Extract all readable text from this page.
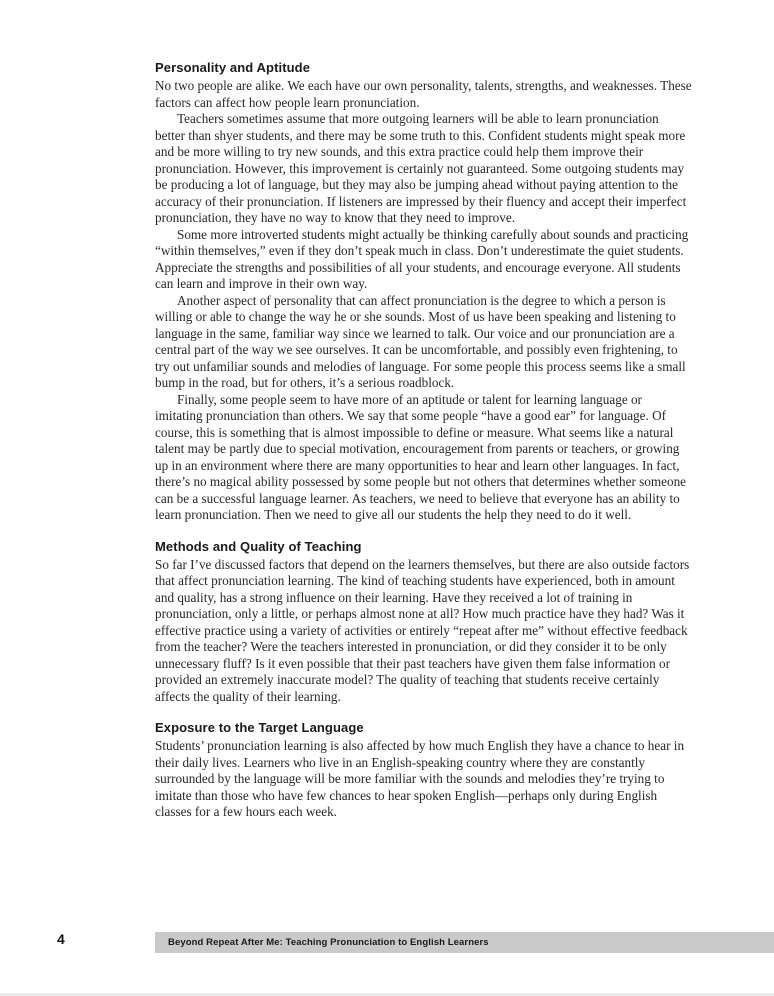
Personality and Aptitude

No two people are alike. We each have our own personality, talents, strengths, and weaknesses. These factors can affect how people learn pronunciation.

Teachers sometimes assume that more outgoing learners will be able to learn pronunciation better than shyer students, and there may be some truth to this. Confident students might speak more and be more willing to try new sounds, and this extra practice could help them improve their pronunciation. However, this improvement is certainly not guaranteed. Some outgoing students may be producing a lot of language, but they may also be jumping ahead without paying attention to the accuracy of their pronunciation. If listeners are impressed by their fluency and accept their imperfect pronunciation, they have no way to know that they need to improve.

Some more introverted students might actually be thinking carefully about sounds and practicing “within themselves,” even if they don’t speak much in class. Don’t underestimate the quiet students. Appreciate the strengths and possibilities of all your students, and encourage everyone. All students can learn and improve in their own way.

Another aspect of personality that can affect pronunciation is the degree to which a person is willing or able to change the way he or she sounds. Most of us have been speaking and listening to language in the same, familiar way since we learned to talk. Our voice and our pronunciation are a central part of the way we see ourselves. It can be uncomfortable, and possibly even frightening, to try out unfamiliar sounds and melodies of language. For some people this process seems like a small bump in the road, but for others, it’s a serious roadblock.

Finally, some people seem to have more of an aptitude or talent for learning language or imitating pronunciation than others. We say that some people “have a good ear” for language. Of course, this is something that is almost impossible to define or measure. What seems like a natural talent may be partly due to special motivation, encouragement from parents or teachers, or growing up in an environment where there are many opportunities to hear and learn other languages. In fact, there’s no magical ability possessed by some people but not others that determines whether someone can be a successful language learner. As teachers, we need to believe that everyone has an ability to learn pronunciation. Then we need to give all our students the help they need to do it well.

Methods and Quality of Teaching

So far I’ve discussed factors that depend on the learners themselves, but there are also outside factors that affect pronunciation learning. The kind of teaching students have experienced, both in amount and quality, has a strong influence on their learning. Have they received a lot of training in pronunciation, only a little, or perhaps almost none at all? How much practice have they had? Was it effective practice using a variety of activities or entirely “repeat after me” without effective feedback from the teacher? Were the teachers interested in pronunciation, or did they consider it to be only unnecessary fluff? Is it even possible that their past teachers have given them false information or provided an extremely inaccurate model? The quality of teaching that students receive certainly affects the quality of their learning.

Exposure to the Target Language

Students’ pronunciation learning is also affected by how much English they have a chance to hear in their daily lives. Learners who live in an English-speaking country where they are constantly surrounded by the language will be more familiar with the sounds and melodies they’re trying to imitate than those who have few chances to hear spoken English—perhaps only during English classes for a few hours each week.

4	Beyond Repeat After Me: Teaching Pronunciation to English Learners
